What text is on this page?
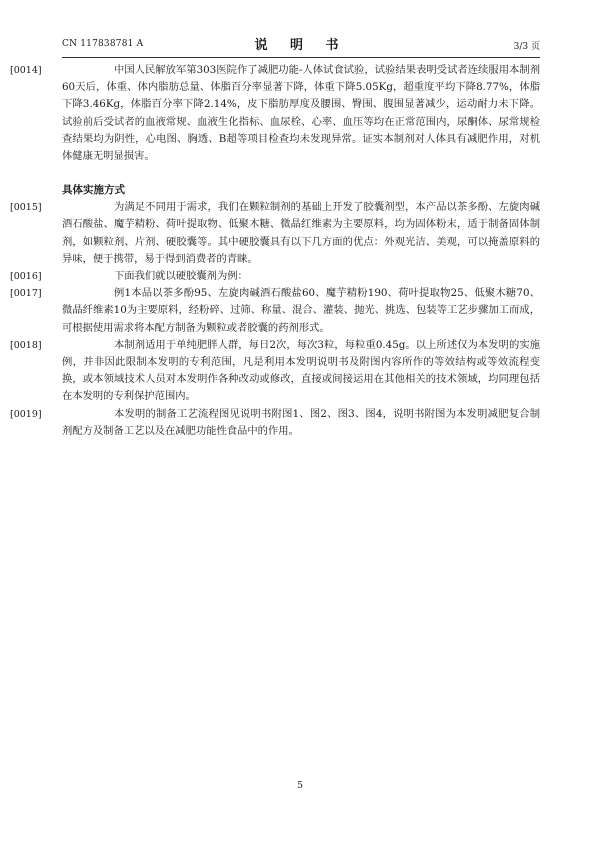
CN 117838781 A	说 明 书	3/3 页
[0014]	中国人民解放军第303医院作了减肥功能-人体试食试验，试验结果表明受试者连续服用本制剂60天后，体重、体内脂肪总量、体脂百分率显著下降，体重下降5.05Kg，超重度平均下降8.77%，体脂下降3.46Kg，体脂百分率下降2.14%，皮下脂肪厚度及腰围、臀围、腹围显著减少，运动耐力未下降。试验前后受试者的血液常规、血液生化指标、血尿栓、心率、血压等均在正常范围内，尿酮体、尿常规检查结果均为阴性，心电图、胸透、B超等项目检查均未发现异常。证实本制剂对人体具有减肥作用，对机体健康无明显损害。
具体实施方式
[0015]	为满足不同用于需求，我们在颗粒制剂的基础上开发了胶囊剂型，本产品以茶多酚、左旋肉碱酒石酸盐、魔芋精粉、荷叶提取物、低聚木糖、微晶红维素为主要原料，均为固体粉末，适于制备固体制剂，如颗粒剂、片剂、硬胶囊等。其中硬胶囊具有以下几方面的优点：外观光洁、美观，可以掩盖原料的异味，便于携带，易于得到消费者的青睐。
[0016]	下面我们就以硬胶囊剂为例：
[0017]	例1本品以茶多酚95、左旋肉碱酒石酸盐60、魔芋精粉190、荷叶提取物25、低聚木糖70、微晶纤维素10为主要原料，经粉碎、过筛、称量、混合、灌装、抛光、挑选、包装等工艺步骤加工而成，可根据使用需求将本配方制备为颗粒或者胶囊的药剂形式。
[0018]	本制剂适用于单纯肥胖人群，每日2次，每次3粒，每粒重0.45g。以上所述仅为本发明的实施例，并非因此限制本发明的专利范围，凡是利用本发明说明书及附图内容所作的等效结构或等效流程变换，或本领域技术人员对本发明作各种改动或修改，直接或间接运用在其他相关的技术领域，均同理包括在本发明的专利保护范围内。
[0019]	本发明的制备工艺流程图见说明书附图1、图2、图3、图4，说明书附图为本发明减肥复合制剂配方及制备工艺以及在减肥功能性食品中的作用。
5
